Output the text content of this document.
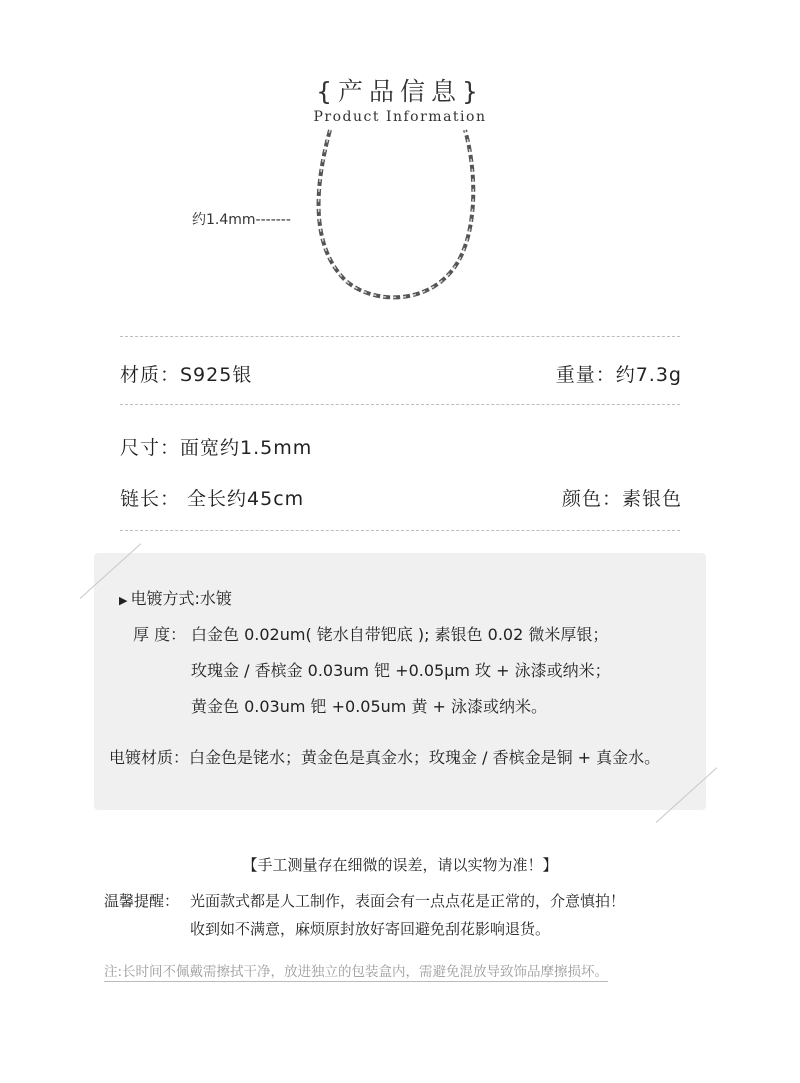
{产品信息}
Product Information
约1.4mm-------
材质：S925银	重量：约7.3g
尺寸：面宽约1.5mm
链长： 全长约45cm	颜色：素银色
▶ 电镀方式:水镀
厚 度： 白金色 0.02um( 铑水自带钯底 ); 素银色 0.02 微米厚银；
玫瑰金 / 香槟金 0.03um 钯 +0.05μm 玫 + 泳漆或纳米；
黄金色 0.03um 钯 +0.05um 黄 + 泳漆或纳米。
电镀材质：白金色是铑水；黄金色是真金水；玫瑰金 / 香槟金是铜 + 真金水。
【手工测量存在细微的误差，请以实物为准！】
温馨提醒： 光面款式都是人工制作，表面会有一点点花是正常的，介意慎拍！
收到如不满意，麻烦原封放好寄回避免刮花影响退货。
注:长时间不佩戴需擦拭干净，放进独立的包装盒内，需避免混放导致饰品摩擦损坏。
